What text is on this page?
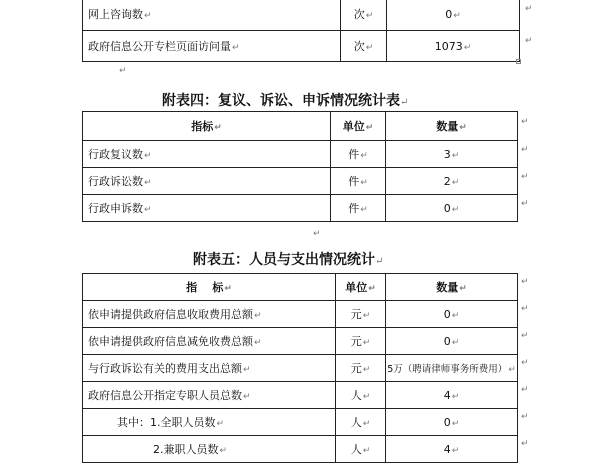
网上咨询数↵	次↵	0↵
政府信息公开专栏页面访问量↵	次↵	1073↵
↵
↵
↵
附表四：复议、诉讼、申诉情况统计表↵
指标↵	单位↵	数量↵
行政复议数↵	件↵	3↵
行政诉讼数↵	件↵	2↵
行政申诉数↵	件↵	0↵
↵
↵
↵
↵
↵
附表五：人员与支出情况统计↵
指    标↵	单位↵	数量↵
依申请提供政府信息收取费用总额↵	元↵	0↵
依申请提供政府信息减免收费总额↵	元↵	0↵
与行政诉讼有关的费用支出总额↵	元↵	5万（聘请律师事务所费用）↵
政府信息公开指定专职人员总数↵	人↵	4↵
其中：1.全职人员数↵	人↵	0↵
2.兼职人员数↵	人↵	4↵
↵
↵
↵
↵
↵
↵
↵
